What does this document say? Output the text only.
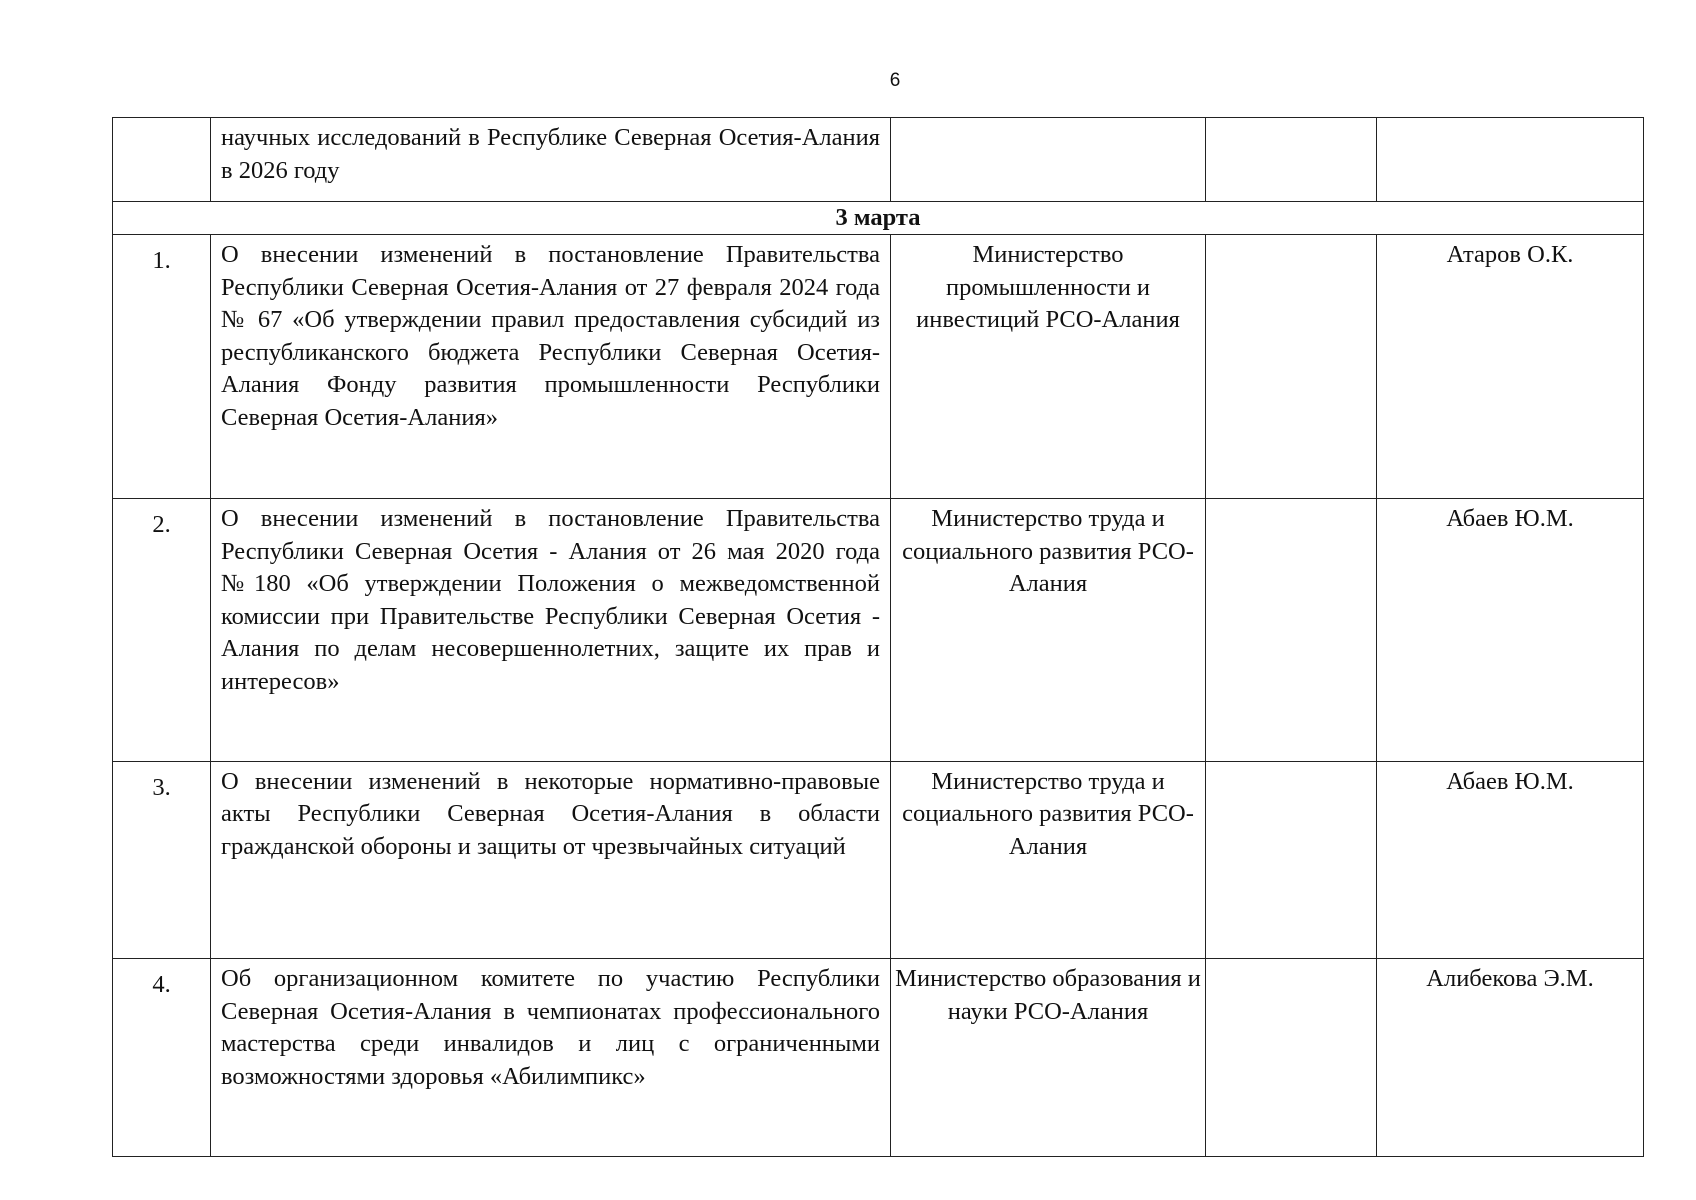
6
	научных исследований в Республике Северная Осетия-Алания в 2026 году			
3 марта				
1.	О внесении изменений в постановление Правительства Республики Северная Осетия-Алания от 27 февраля 2024 года № 67 «Об утверждении правил предоставления субсидий из республиканского бюджета Республики Северная Осетия-Алания Фонду развития промышленности Республики Северная Осетия-Алания»	Министерство промышленности и инвестиций РСО-Алания		Атаров О.К.
2.	О внесении изменений в постановление Правительства Республики Северная Осетия - Алания от 26 мая 2020 года №180 «Об утверждении Положения о межведомственной комиссии при Правительстве Республики Северная Осетия - Алания по делам несовершеннолетних, защите их прав и интересов»	Министерство труда и социального развития РСО-Алания		Абаев Ю.М.
3.	О внесении изменений в некоторые нормативно-правовые акты Республики Северная Осетия-Алания в области гражданской обороны и защиты от чрезвычайных ситуаций	Министерство труда и социального развития РСО-Алания		Абаев Ю.М.
4.	Об организационном комитете по участию Республики Северная Осетия-Алания в чемпионатах профессионального мастерства среди инвалидов и лиц с ограниченными возможностями здоровья «Абилимпикс»	Министерство образования и науки РСО-Алания		Алибекова Э.М.
